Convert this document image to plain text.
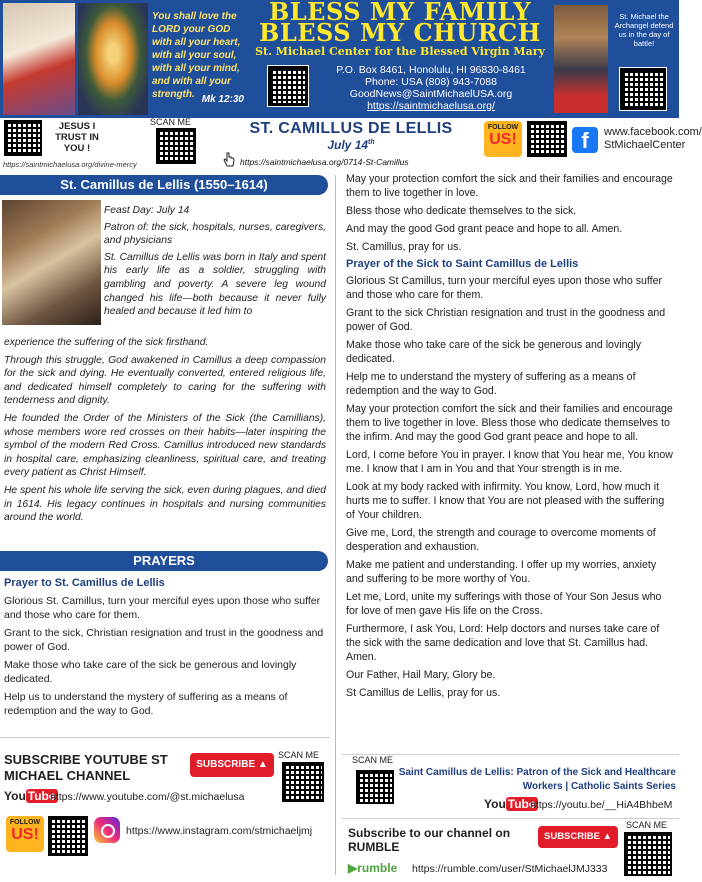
You shall love the LORD your GOD with all your heart, with all your soul, with all your mind, and with all your strength. Mk 12:30
BLESS MY FAMILY
BLESS MY CHURCH
St. Michael Center for the Blessed Virgin Mary
P.O. Box 8461, Honolulu, HI 96830-8461
Phone: USA (808) 943-7088
GoodNews@SaintMichaelUSA.org
https://saintmichaelusa.org/
St. Michael the Archangel defend us in the day of battle!
JESUS I TRUST IN YOU !
https://saintmichaelusa.org/divine-mercy
SCAN ME	ST. CAMILLUS DE LELLIS
July 14th
https://saintmichaelusa.org/0714-St-Camillus
FOLLOW
US!	f	www.facebook.com/ StMichaelCenter
St. Camillus de Lellis (1550–1614)

Feast Day: July 14

Patron of: the sick, hospitals, nurses, caregivers, and physicians

St. Camillus de Lellis was born in Italy and spent his early life as a soldier, struggling with gambling and poverty. A severe leg wound changed his life—both because it never fully healed and because it led him to

experience the suffering of the sick firsthand.

Through this struggle, God awakened in Camillus a deep compassion for the sick and dying. He eventually converted, entered religious life, and dedicated himself completely to caring for the suffering with tenderness and dignity.

He founded the Order of the Ministers of the Sick (the Camillians), whose members wore red crosses on their habits—later inspiring the symbol of the modern Red Cross. Camillus introduced new standards in hospital care, emphasizing cleanliness, spiritual care, and treating every patient as Christ Himself.

He spent his whole life serving the sick, even during plagues, and died in 1614. His legacy continues in hospitals and nursing communities around the world.

PRAYERS
Prayer to St. Camillus de Lellis

Glorious St. Camillus, turn your merciful eyes upon those who suffer and those who care for them.

Grant to the sick, Christian resignation and trust in the goodness and power of God.

Make those who take care of the sick be generous and lovingly dedicated.

Help us to understand the mystery of suffering as a means of redemption and the way to God.

SUBSCRIBE YOUTUBE ST MICHAEL CHANNEL
SUBSCRIBE ▲
SCAN ME
You Tube
https://www.youtube.com/@st.michaelusa
FOLLOW
US!	https://www.instagram.com/stmichaeljmj

May your protection comfort the sick and their families and encourage them to live together in love.

Bless those who dedicate themselves to the sick.

And may the good God grant peace and hope to all. Amen.

St. Camillus, pray for us.

Prayer of the Sick to Saint Camillus de Lellis

Glorious St Camillus, turn your merciful eyes upon those who suffer and those who care for them.

Grant to the sick Christian resignation and trust in the goodness and power of God.

Make those who take care of the sick be generous and lovingly dedicated.

Help me to understand the mystery of suffering as a means of redemption and the way to God.

May your protection comfort the sick and their families and encourage them to live together in love. Bless those who dedicate themselves to the infirm. And may the good God grant peace and hope to all.

Lord, I come before You in prayer. I know that You hear me, You know me. I know that I am in You and that Your strength is in me.

Look at my body racked with infirmity. You know, Lord, how much it hurts me to suffer. I know that You are not pleased with the suffering of Your children.

Give me, Lord, the strength and courage to overcome moments of desperation and exhaustion.

Make me patient and understanding. I offer up my worries, anxiety and suffering to be more worthy of You.

Let me, Lord, unite my sufferings with those of Your Son Jesus who for love of men gave His life on the Cross.

Furthermore, I ask You, Lord: Help doctors and nurses take care of the sick with the same dedication and love that St. Camillus had. Amen.

Our Father, Hail Mary, Glory be.

St Camillus de Lellis, pray for us.

SCAN ME
Saint Camillus de Lellis: Patron of the Sick and Healthcare Workers | Catholic Saints Series
You Tube
https://youtu.be/__HiA4BhbeM
Subscribe to our channel on RUMBLE
SUBSCRIBE ▲
SCAN ME
▶rumble https://rumble.com/user/StMichaelJMJ333
